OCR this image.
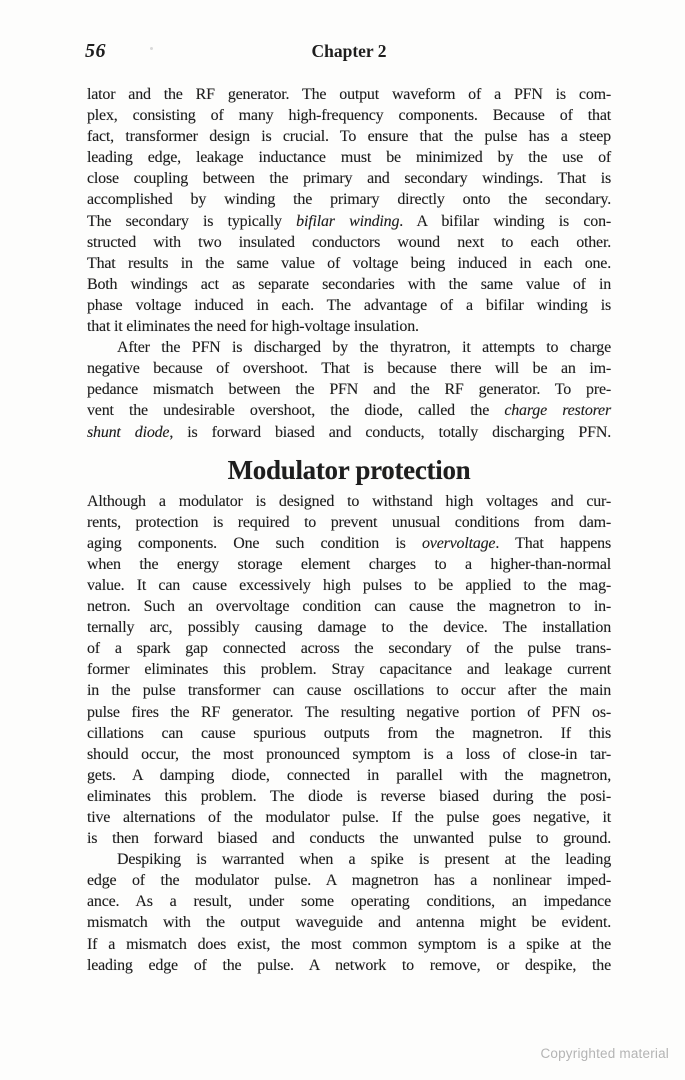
56	Chapter 2
lator and the RF generator. The output waveform of a PFN is com-
plex, consisting of many high-frequency components. Because of that
fact, transformer design is crucial. To ensure that the pulse has a steep
leading edge, leakage inductance must be minimized by the use of
close coupling between the primary and secondary windings. That is
accomplished by winding the primary directly onto the secondary.
The secondary is typically bifilar winding. A bifilar winding is con-
structed with two insulated conductors wound next to each other.
That results in the same value of voltage being induced in each one.
Both windings act as separate secondaries with the same value of in
phase voltage induced in each. The advantage of a bifilar winding is
that it eliminates the need for high-voltage insulation.
After the PFN is discharged by the thyratron, it attempts to charge
negative because of overshoot. That is because there will be an im-
pedance mismatch between the PFN and the RF generator. To pre-
vent the undesirable overshoot, the diode, called the charge restorer
shunt diode, is forward biased and conducts, totally discharging PFN.
Modulator protection
Although a modulator is designed to withstand high voltages and cur-
rents, protection is required to prevent unusual conditions from dam-
aging components. One such condition is overvoltage. That happens
when the energy storage element charges to a higher-than-normal
value. It can cause excessively high pulses to be applied to the mag-
netron. Such an overvoltage condition can cause the magnetron to in-
ternally arc, possibly causing damage to the device. The installation
of a spark gap connected across the secondary of the pulse trans-
former eliminates this problem. Stray capacitance and leakage current
in the pulse transformer can cause oscillations to occur after the main
pulse fires the RF generator. The resulting negative portion of PFN os-
cillations can cause spurious outputs from the magnetron. If this
should occur, the most pronounced symptom is a loss of close-in tar-
gets. A damping diode, connected in parallel with the magnetron,
eliminates this problem. The diode is reverse biased during the posi-
tive alternations of the modulator pulse. If the pulse goes negative, it
is then forward biased and conducts the unwanted pulse to ground.
Despiking is warranted when a spike is present at the leading
edge of the modulator pulse. A magnetron has a nonlinear imped-
ance. As a result, under some operating conditions, an impedance
mismatch with the output waveguide and antenna might be evident.
If a mismatch does exist, the most common symptom is a spike at the
leading edge of the pulse. A network to remove, or despike, the
Copyrighted material
